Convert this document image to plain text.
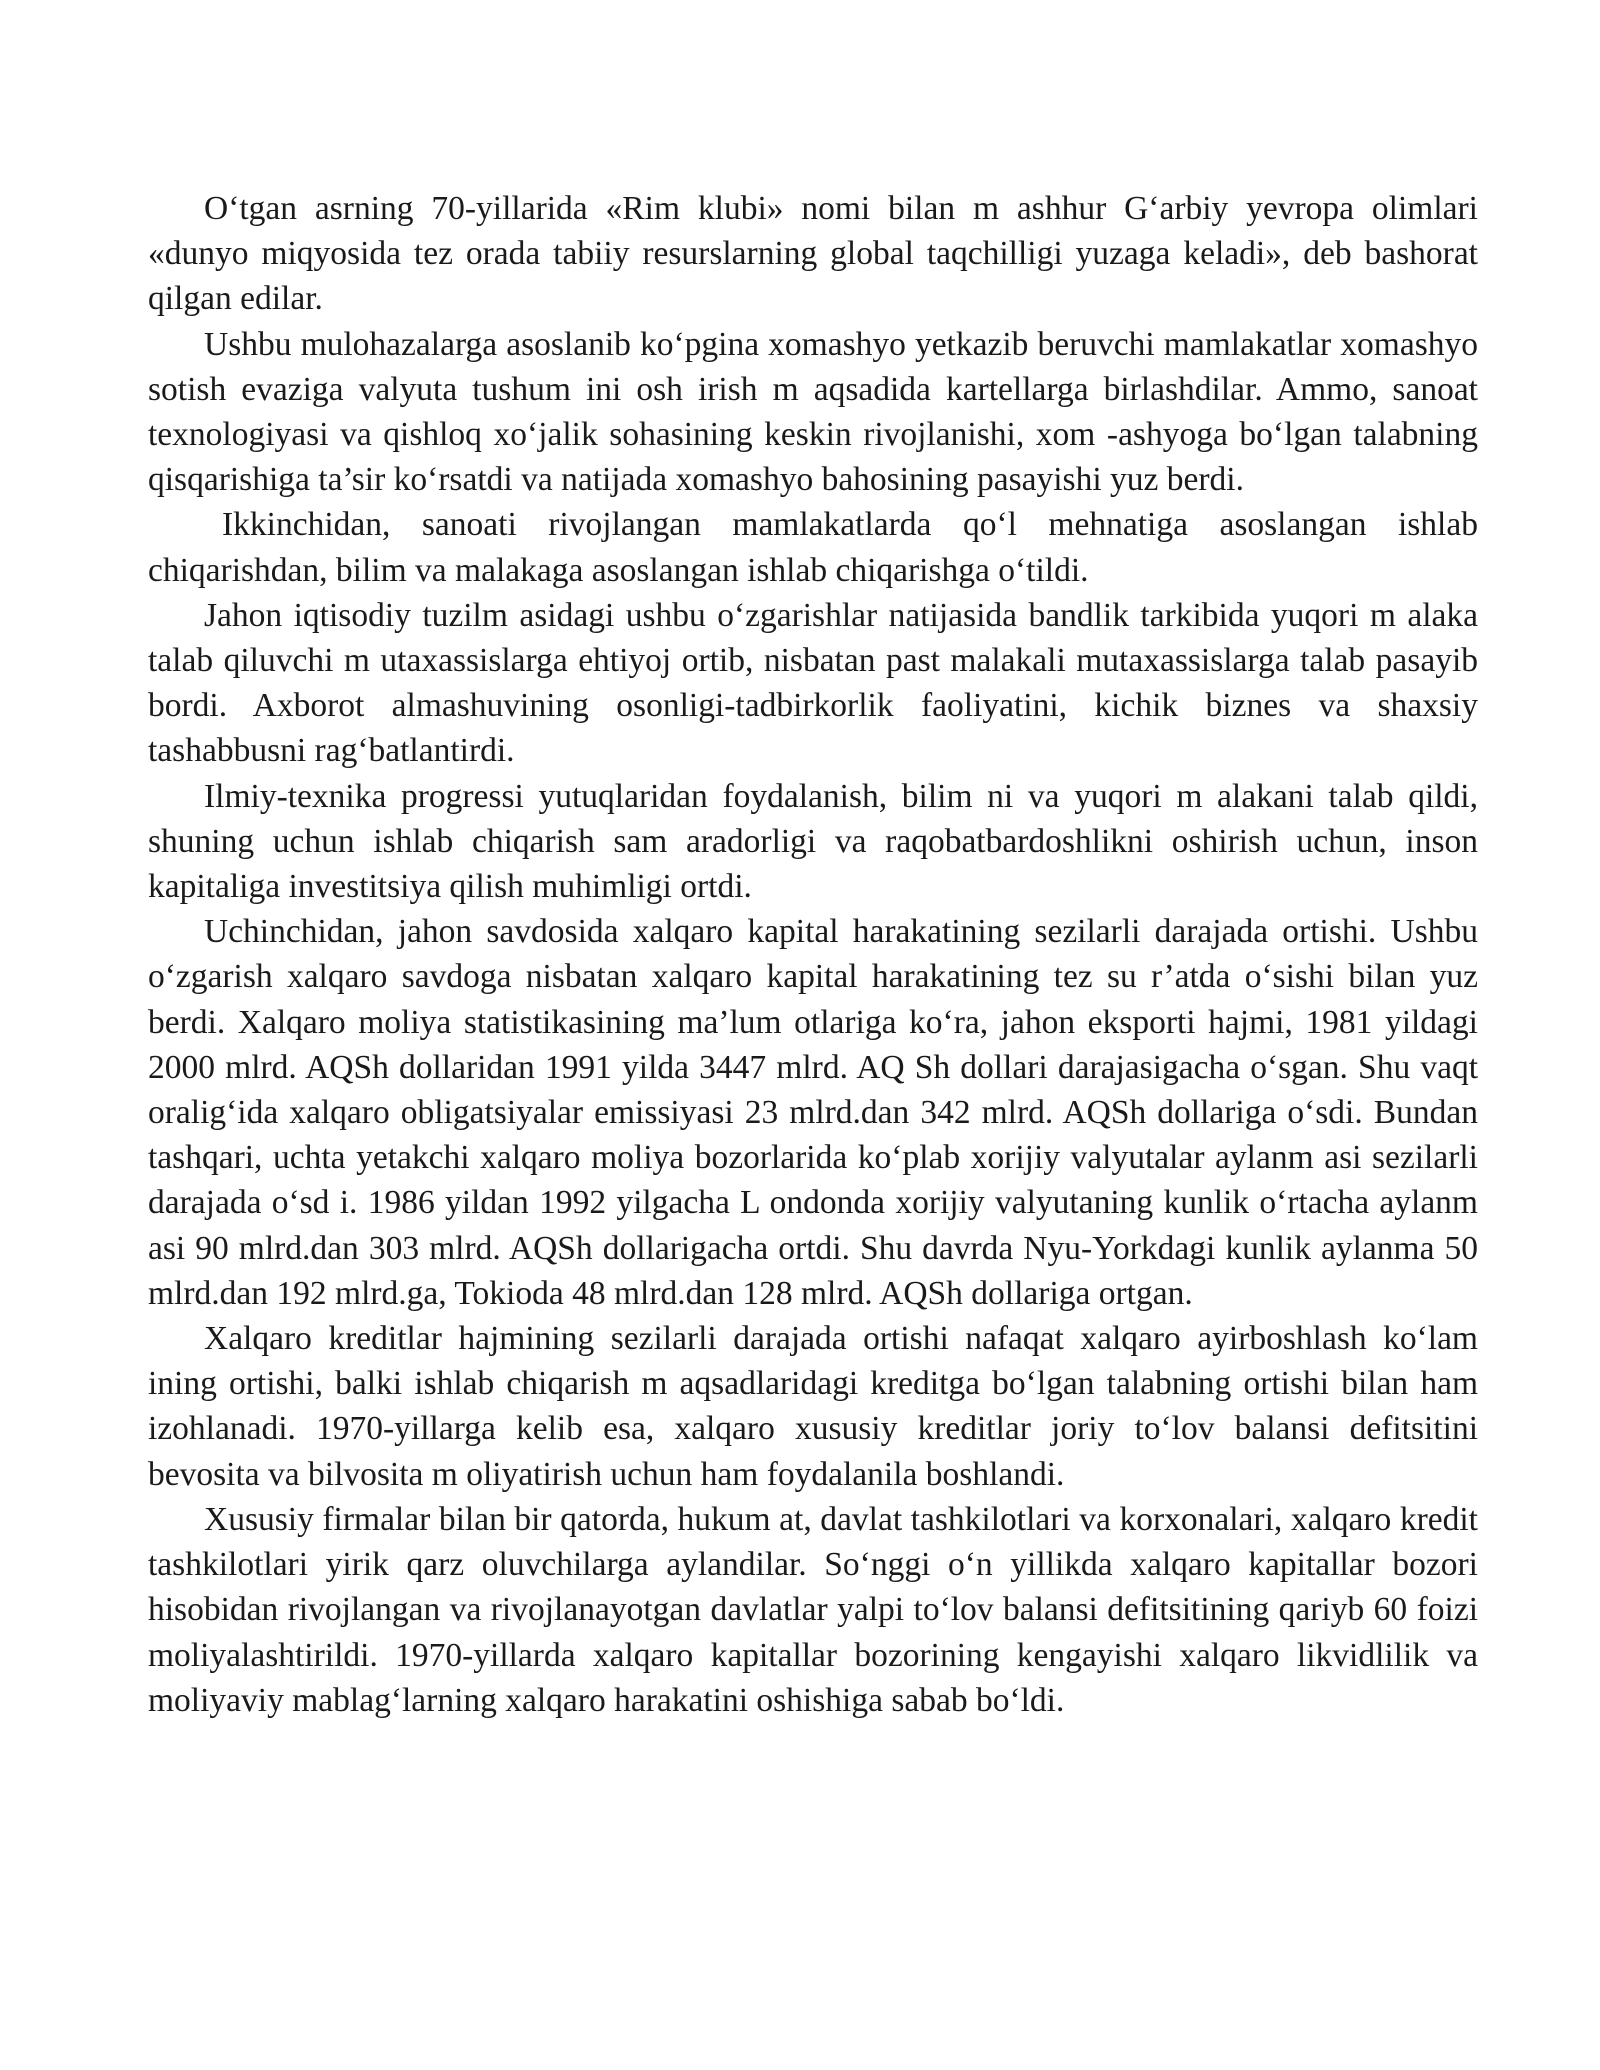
O‘tgan asrning 70-yillarida «Rim klubi» nomi bilan m ashhur G‘arbiy yevropa olimlari «dunyo miqyosida tez orada tabiiy resurslarning global taqchilligi yuzaga keladi», deb bashorat qilgan edilar.

Ushbu mulohazalarga asoslanib ko‘pgina xomashyo yetkazib beruvchi mamlakatlar xomashyo sotish evaziga valyuta tushum ini osh irish m aqsadida kartellarga birlashdilar. Ammo, sanoat texnologiyasi va qishloq xo‘jalik sohasining keskin rivojlanishi, xom -ashyoga bo‘lgan talabning qisqarishiga ta’sir ko‘rsatdi va natijada xomashyo bahosining pasayishi yuz berdi.

Ikkinchidan, sanoati rivojlangan mamlakatlarda qo‘l mehnatiga asoslangan ishlab chiqarishdan, bilim va malakaga asoslangan ishlab chiqarishga o‘tildi.

Jahon iqtisodiy tuzilm asidagi ushbu o‘zgarishlar natijasida bandlik tarkibida yuqori m alaka talab qiluvchi m utaxassislarga ehtiyoj ortib, nisbatan past malakali mutaxassislarga talab pasayib bordi. Axborot almashuvining osonligi-tadbirkorlik faoliyatini, kichik biznes va shaxsiy tashabbusni rag‘batlantirdi.

Ilmiy-texnika progressi yutuqlaridan foydalanish, bilim ni va yuqori m alakani talab qildi, shuning uchun ishlab chiqarish sam aradorligi va raqobatbardoshlikni oshirish uchun, inson kapitaliga investitsiya qilish muhimligi ortdi.

Uchinchidan, jahon savdosida xalqaro kapital harakatining sezilarli darajada ortishi. Ushbu o‘zgarish xalqaro savdoga nisbatan xalqaro kapital harakatining tez su r’atda o‘sishi bilan yuz berdi. Xalqaro moliya statistikasining ma’lum otlariga ko‘ra, jahon eksporti hajmi, 1981 yildagi 2000 mlrd. AQSh dollaridan 1991 yilda 3447 mlrd. AQ Sh dollari darajasigacha o‘sgan. Shu vaqt oralig‘ida xalqaro obligatsiyalar emissiyasi 23 mlrd.dan 342 mlrd. AQSh dollariga o‘sdi. Bundan tashqari, uchta yetakchi xalqaro moliya bozorlarida ko‘plab xorijiy valyutalar aylanm asi sezilarli darajada o‘sd i. 1986 yildan 1992 yilgacha L ondonda xorijiy valyutaning kunlik o‘rtacha aylanm asi 90 mlrd.dan 303 mlrd. AQSh dollarigacha ortdi. Shu davrda Nyu-Yorkdagi kunlik aylanma 50 mlrd.dan 192 mlrd.ga, Tokioda 48 mlrd.dan 128 mlrd. AQSh dollariga ortgan.

Xalqaro kreditlar hajmining sezilarli darajada ortishi nafaqat xalqaro ayirboshlash ko‘lam ining ortishi, balki ishlab chiqarish m aqsadlaridagi kreditga bo‘lgan talabning ortishi bilan ham izohlanadi. 1970-yillarga kelib esa, xalqaro xususiy kreditlar joriy to‘lov balansi defitsitini bevosita va bilvosita m oliyatirish uchun ham foydalanila boshlandi.

Xususiy firmalar bilan bir qatorda, hukum at, davlat tashkilotlari va korxonalari, xalqaro kredit tashkilotlari yirik qarz oluvchilarga aylandilar. So‘nggi o‘n yillikda xalqaro kapitallar bozori hisobidan rivojlangan va rivojlanayotgan davlatlar yalpi to‘lov balansi defitsitining qariyb 60 foizi moliyalashtirildi. 1970-yillarda xalqaro kapitallar bozorining kengayishi xalqaro likvidlilik va moliyaviy mablag‘larning xalqaro harakatini oshishiga sabab bo‘ldi.
